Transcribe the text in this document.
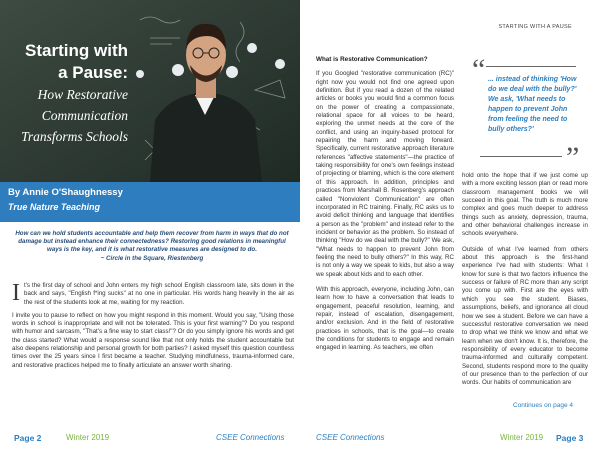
Starting with
a Pause:
How Restorative
Communication
Transforms Schools
By Annie O'Shaughnessy
True Nature Teaching
How can we hold students accountable and help them recover from harm in ways that do not damage but instead enhance their connectedness? Restoring good relations in meaningful ways is the key, and it is what restorative measures are designed to do.
~ Circle in the Square, Riestenberg

It's the first day of school and John enters my high school English classroom late, sits down in the back and says, "English f*ing sucks" at no one in particular. His words hang heavily in the air as the rest of the students look at me, waiting for my reaction.

I invite you to pause to reflect on how you might respond in this moment. Would you say, "Using those words in school is inappropriate and will not be tolerated. This is your first warning"? Do you respond with humor and sarcasm, "That's a fine way to start class!"? Or do you simply ignore his words and get the class started? What would a response sound like that not only holds the student accountable but also deepens relationship and personal growth for both parties? I asked myself this question countless times over the 25 years since I first became a teacher. Studying mindfulness, trauma-informed care, and restorative practices helped me to finally articulate an answer worth sharing.

Page 2	Winter 2019	CSEE Connections	CSEE Connections	Winter 2019 Page 3
STARTING WITH A PAUSE
What is Restorative Communication?

If you Googled "restorative communication (RC)" right now you would not find one agreed upon definition. But if you read a dozen of the related articles or books you would find a common focus on the power of creating a compassionate, relational space for all voices to be heard, exploring the unmet needs at the core of the conflict, and using an inquiry-based protocol for repairing the harm and moving forward. Specifically, current restorative approach literature references "affective statements"—the practice of taking responsibility for one's own feelings instead of projecting or blaming, which is the core element of this approach. In addition, principles and practices from Marshall B. Rosenberg's approach called "Nonviolent Communication" are often incorporated in RC training. Finally, RC asks us to avoid deficit thinking and language that identifies a person as the "problem" and instead refer to the incident or behavior as the problem. So instead of thinking "How do we deal with the bully?" We ask, "What needs to happen to prevent John from feeling the need to bully others?" In this way, RC is not only a way we speak to kids, but also a way we speak about kids and to each other.

With this approach, everyone, including John, can learn how to have a conversation that leads to engagement, peaceful resolution, learning, and repair, instead of escalation, disengagement, and/or exclusion. And in the field of restorative practices in schools, that is the goal—to create the conditions for students to engage and remain engaged in learning. As teachers, we often

“ ... instead of thinking 'How do we deal with the bully?' We ask, 'What needs to happen to prevent John from feeling the need to bully others?'
”

hold onto the hope that if we just come up with a more exciting lesson plan or read more classroom management books we will succeed in this goal. The truth is much more complex and goes much deeper to address things such as anxiety, depression, trauma, and other behavioral challenges increase in schools everywhere.

Outside of what I've learned from others about this approach is the first-hand experience I've had with students: What I know for sure is that two factors influence the success or failure of RC more than any script you come up with. First are the eyes with which you see the student. Biases, assumptions, beliefs, and ignorance all cloud how we see a student. Before we can have a successful restorative conversation we need to drop what we think we know and what we learn when we don't know. It is, therefore, the responsibility of every educator to become trauma-informed and culturally competent. Second, students respond more to the quality of our presence than to the perfection of our words. Our habits of communication are

Continues on page 4
